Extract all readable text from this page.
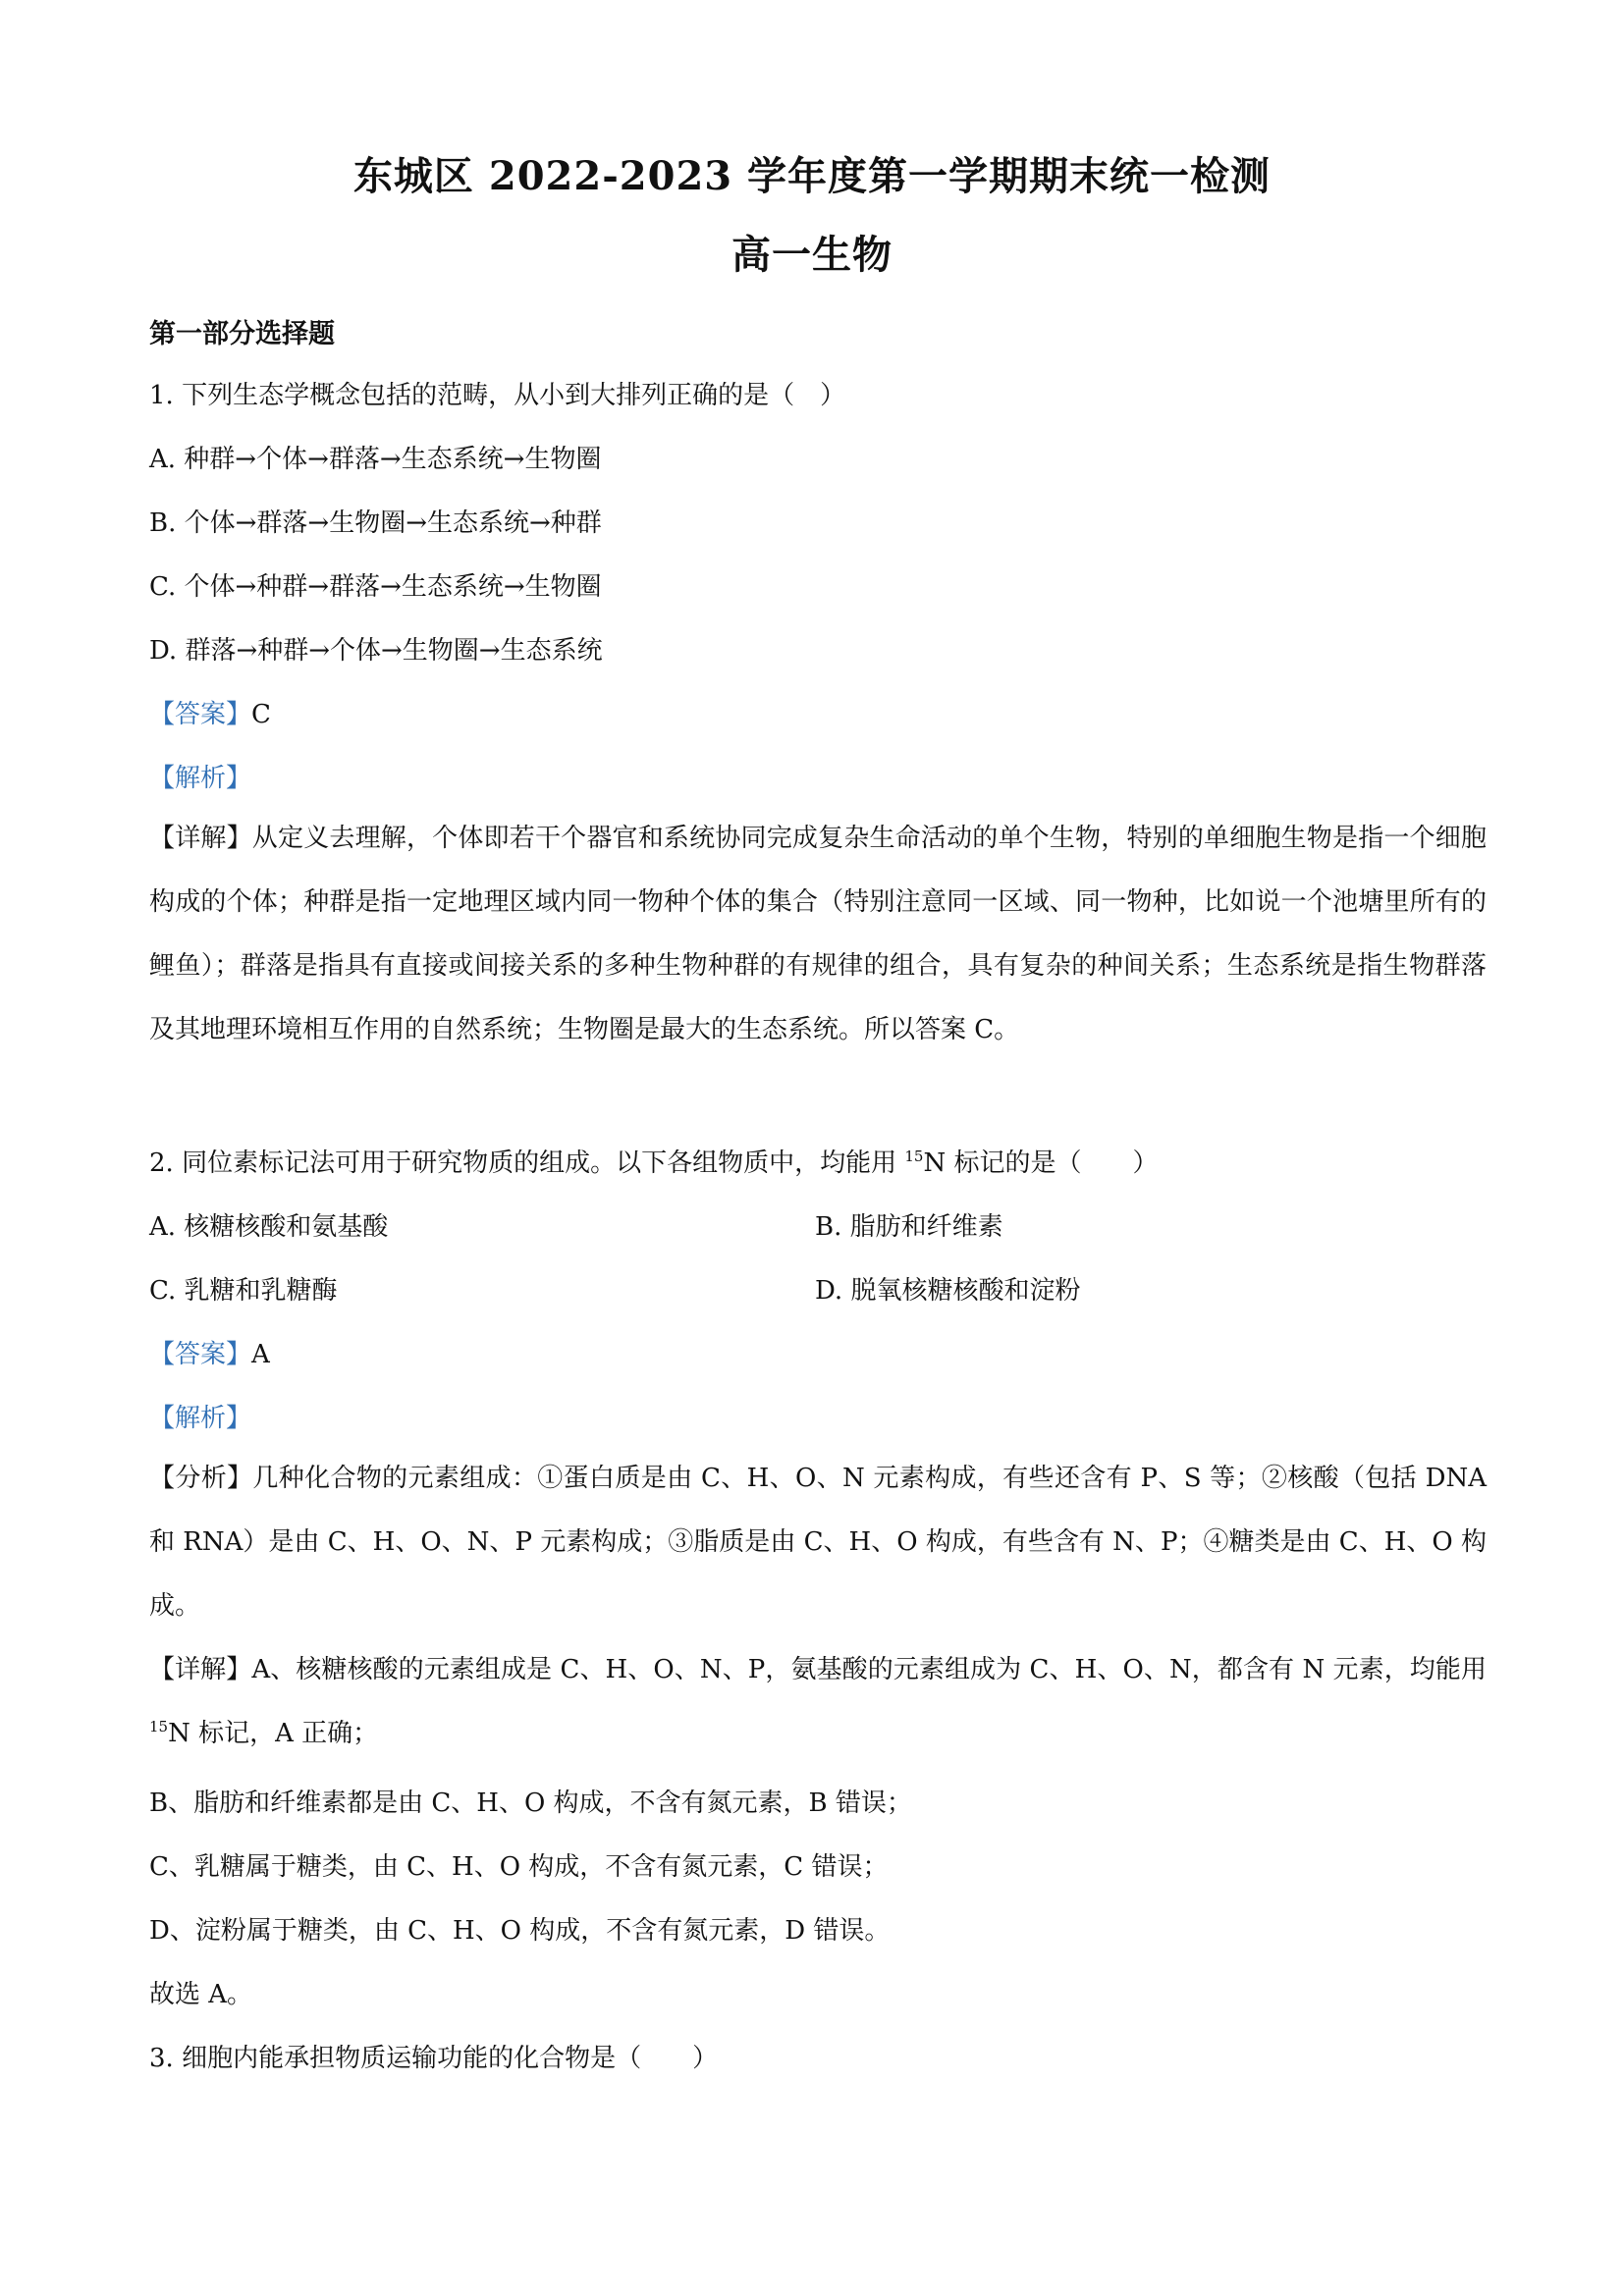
东城区 2022-2023 学年度第一学期期末统一检测
高一生物
第一部分选择题
1. 下列生态学概念包括的范畴，从小到大排列正确的是（　）
A. 种群→个体→群落→生态系统→生物圈
B. 个体→群落→生物圈→生态系统→种群
C. 个体→种群→群落→生态系统→生物圈
D. 群落→种群→个体→生物圈→生态系统
【答案】C
【解析】
【详解】从定义去理解，个体即若干个器官和系统协同完成复杂生命活动的单个生物，特别的单细胞生物是指一个细胞构成的个体；种群是指一定地理区域内同一物种个体的集合（特别注意同一区域、同一物种，比如说一个池塘里所有的鲤鱼）；群落是指具有直接或间接关系的多种生物种群的有规律的组合，具有复杂的种间关系；生态系统是指生物群落及其地理环境相互作用的自然系统；生物圈是最大的生态系统。所以答案 C。
2. 同位素标记法可用于研究物质的组成。以下各组物质中，均能用 $^{15}$N 标记的是（　　）
A. 核糖核酸和氨基酸	B. 脂肪和纤维素
C. 乳糖和乳糖酶	D. 脱氧核糖核酸和淀粉
【答案】A
【解析】
【分析】几种化合物的元素组成：①蛋白质是由 C、H、O、N 元素构成，有些还含有 P、S 等；②核酸（包括 DNA 和 RNA）是由 C、H、O、N、P 元素构成；③脂质是由 C、H、O 构成，有些含有 N、P；④糖类是由 C、H、O 构成。
【详解】A、核糖核酸的元素组成是 C、H、O、N、P，氨基酸的元素组成为 C、H、O、N，都含有 N 元素，均能用 $^{15}$N 标记，A 正确；
B、脂肪和纤维素都是由 C、H、O 构成，不含有氮元素，B 错误；
C、乳糖属于糖类，由 C、H、O 构成，不含有氮元素，C 错误；
D、淀粉属于糖类，由 C、H、O 构成，不含有氮元素，D 错误。
故选 A。
3. 细胞内能承担物质运输功能的化合物是（　　）
